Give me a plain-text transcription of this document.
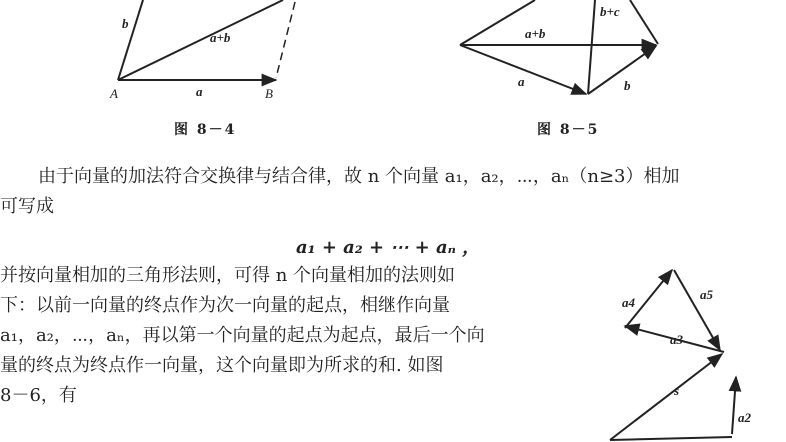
b
a+b
a
A	B
图 8－4
b+c
a+b
a	b
图 8－5
由于向量的加法符合交换律与结合律，故 n 个向量 a₁，a₂，⋯，aₙ（n≥3）相加
可写成
a₁ + a₂ + ⋯ + aₙ ，
并按向量相加的三角形法则，可得 n 个向量相加的法则如
下：以前一向量的终点作为次一向量的起点，相继作向量
a₁，a₂，⋯，aₙ，再以第一个向量的起点为起点，最后一个向
量的终点为终点作一向量，这个向量即为所求的和. 如图
8－6，有
a4
a5
a3
s
a2
